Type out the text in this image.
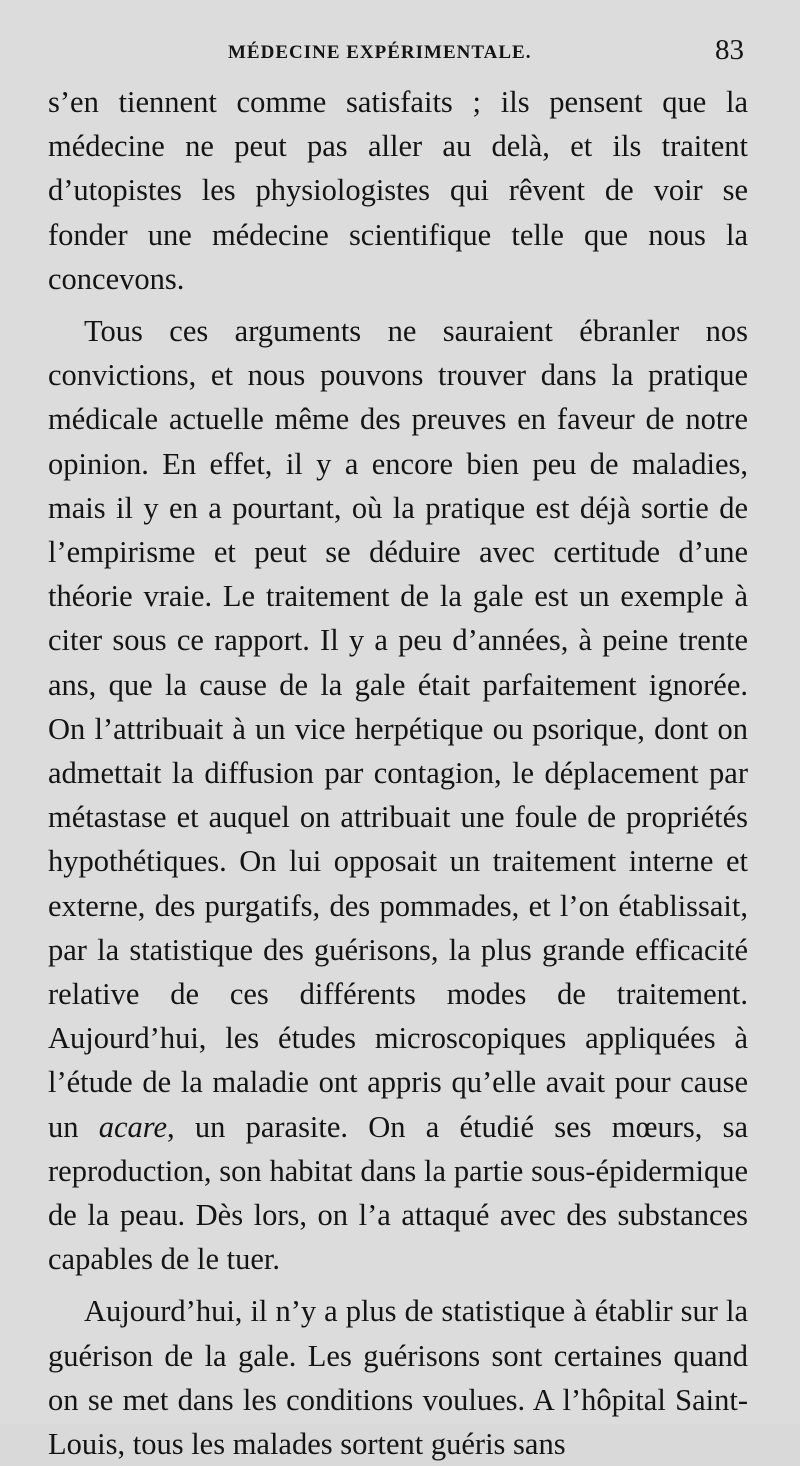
MÉDECINE EXPÉRIMENTALE.	83

s’en tiennent comme satisfaits ; ils pensent que la médecine ne peut pas aller au delà, et ils traitent d’utopistes les physiologistes qui rêvent de voir se fonder une médecine scientifique telle que nous la concevons.

Tous ces arguments ne sauraient ébranler nos convictions, et nous pouvons trouver dans la pratique médicale actuelle même des preuves en faveur de notre opinion. En effet, il y a encore bien peu de maladies, mais il y en a pourtant, où la pratique est déjà sortie de l’empirisme et peut se déduire avec certitude d’une théorie vraie. Le traitement de la gale est un exemple à citer sous ce rapport. Il y a peu d’années, à peine trente ans, que la cause de la gale était parfaitement ignorée. On l’attribuait à un vice herpétique ou psorique, dont on admettait la diffusion par contagion, le déplacement par métastase et auquel on attribuait une foule de propriétés hypothétiques. On lui opposait un traitement interne et externe, des purgatifs, des pommades, et l’on établissait, par la statistique des guérisons, la plus grande efficacité relative de ces différents modes de traitement. Aujourd’hui, les études microscopiques appliquées à l’étude de la maladie ont appris qu’elle avait pour cause un acare, un parasite. On a étudié ses mœurs, sa reproduction, son habitat dans la partie sous-épidermique de la peau. Dès lors, on l’a attaqué avec des substances capables de le tuer.

Aujourd’hui, il n’y a plus de statistique à établir sur la guérison de la gale. Les guérisons sont certaines quand on se met dans les conditions voulues. A l’hôpital Saint-Louis, tous les malades sortent guéris sans
